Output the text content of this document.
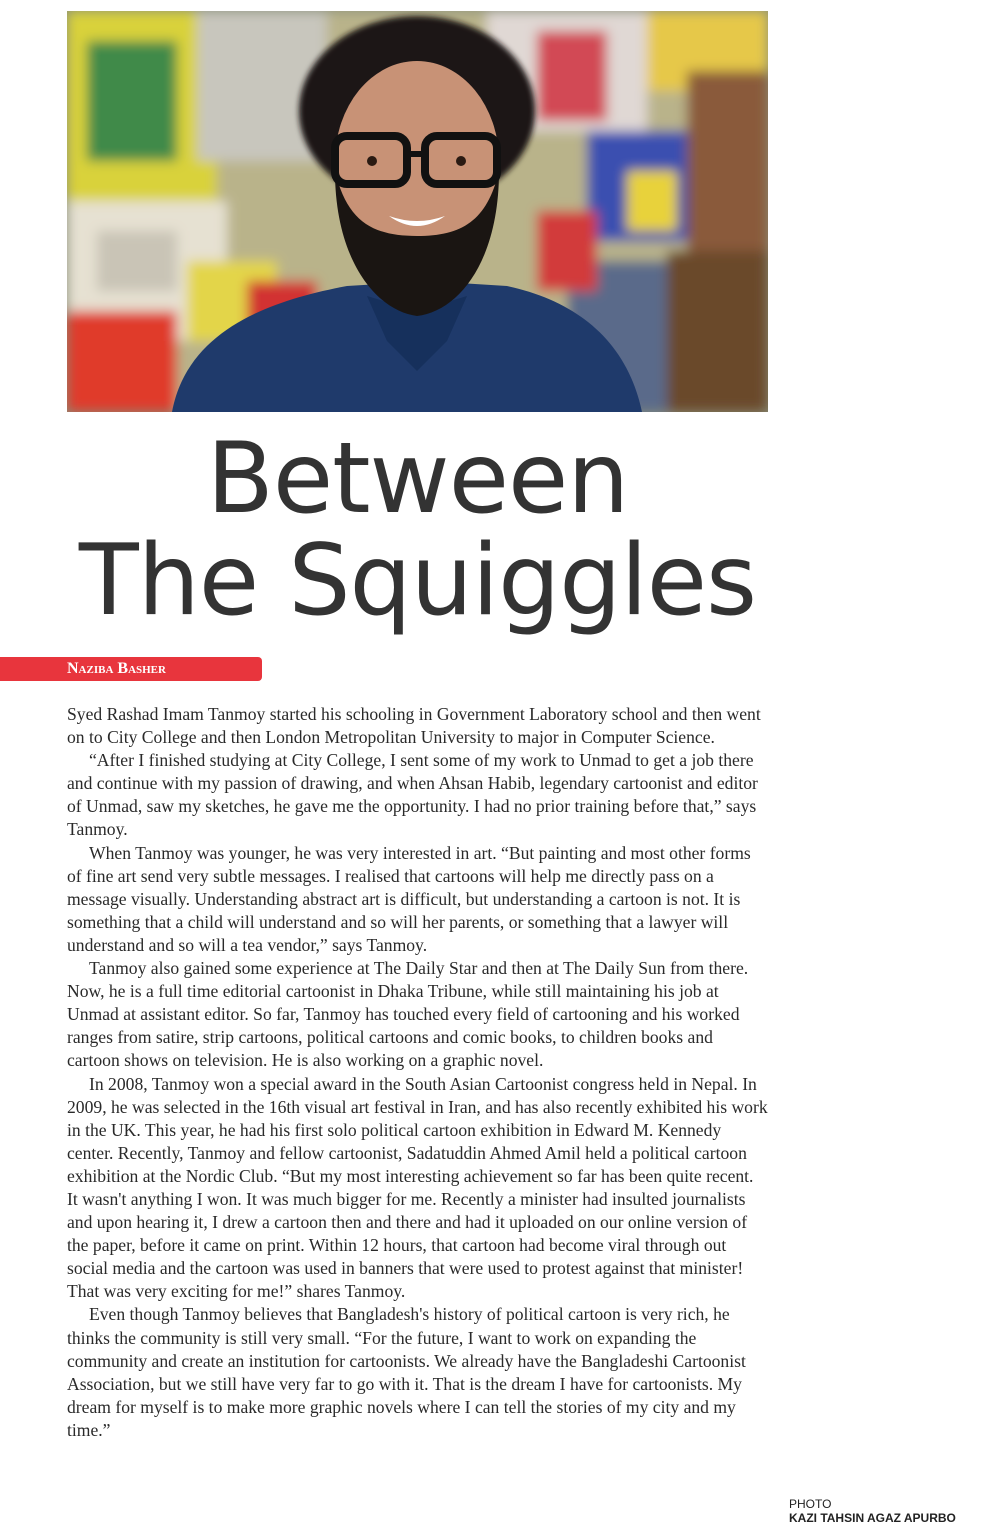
Between
The Squiggles
Naziba Basher

Syed Rashad Imam Tanmoy started his schooling in Government Laboratory school and then went on to City College and then London Metropolitan University to major in Computer Science.

“After I finished studying at City College, I sent some of my work to Unmad to get a job there and continue with my passion of drawing, and when Ahsan Habib, legendary cartoonist and editor of Unmad, saw my sketches, he gave me the opportunity. I had no prior training before that,” says Tanmoy.

When Tanmoy was younger, he was very interested in art. “But painting and most other forms of fine art send very subtle messages. I realised that cartoons will help me directly pass on a message visually. Understanding abstract art is difficult, but understanding a cartoon is not. It is something that a child will understand and so will her parents, or something that a lawyer will understand and so will a tea vendor,” says Tanmoy.

Tanmoy also gained some experience at The Daily Star and then at The Daily Sun from there. Now, he is a full time editorial cartoonist in Dhaka Tribune, while still maintaining his job at Unmad at assistant editor. So far, Tanmoy has touched every field of cartooning and his worked ranges from satire, strip cartoons, political cartoons and comic books, to children books and cartoon shows on television. He is also working on a graphic novel.

In 2008, Tanmoy won a special award in the South Asian Cartoonist congress held in Nepal. In 2009, he was selected in the 16th visual art festival in Iran, and has also recently exhibited his work in the UK. This year, he had his first solo political cartoon exhibition in Edward M. Kennedy center. Recently, Tanmoy and fellow cartoonist, Sadatuddin Ahmed Amil held a political cartoon exhibition at the Nordic Club. “But my most interesting achievement so far has been quite recent. It wasn't anything I won. It was much bigger for me. Recently a minister had insulted journalists and upon hearing it, I drew a cartoon then and there and had it uploaded on our online version of the paper, before it came on print. Within 12 hours, that cartoon had become viral through out social media and the cartoon was used in banners that were used to protest against that minister! That was very exciting for me!” shares Tanmoy.

Even though Tanmoy believes that Bangladesh's history of political cartoon is very rich, he thinks the community is still very small. “For the future, I want to work on expanding the community and create an institution for cartoonists. We already have the Bangladeshi Cartoonist Association, but we still have very far to go with it. That is the dream I have for cartoonists. My dream for myself is to make more graphic novels where I can tell the stories of my city and my time.”

PHOTO
KAZI TAHSIN AGAZ APURBO
